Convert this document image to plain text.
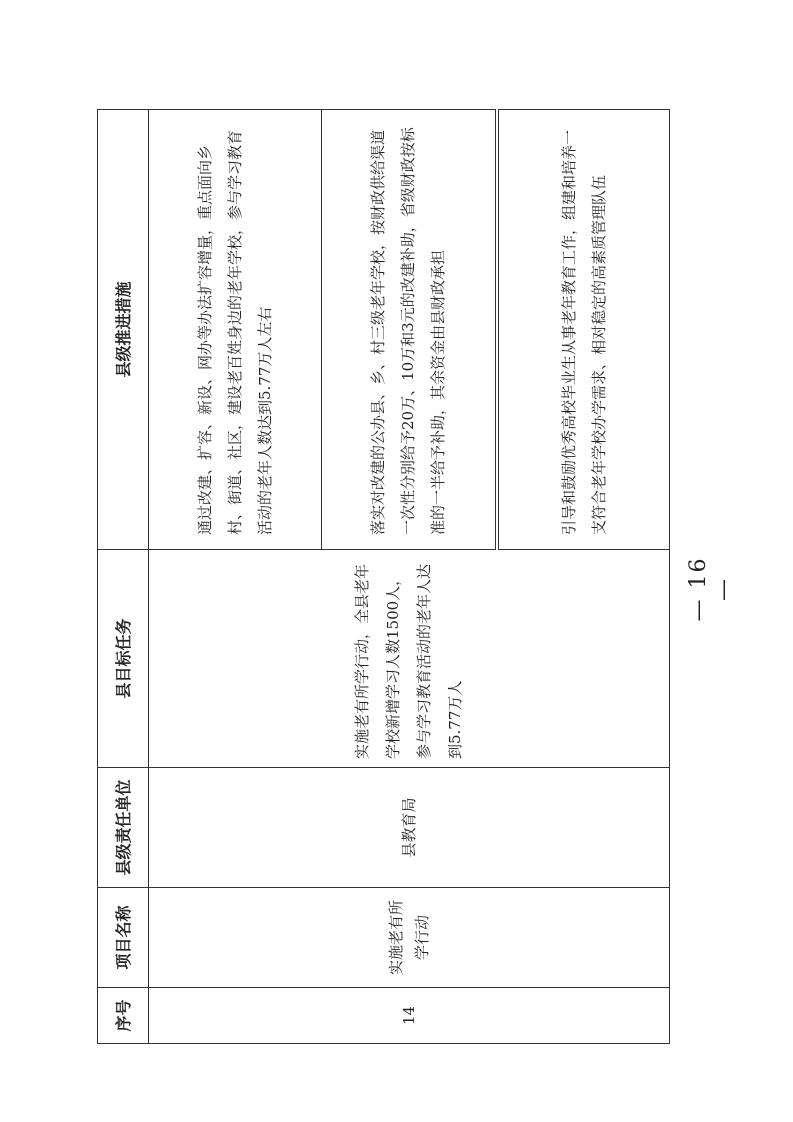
序号	项目名称	县级责任单位	县目标任务	县级推进措施
14	实施老有所学行动	县教育局	实施老有所学行动，全县老年学校新增学习人数1500人，参与学习教育活动的老年人达到5.77万人	通过改建、扩容、新设、网办等办法扩容增量，重点面向乡村、街道、社区，建设老百姓身边的老年学校，参与学习教育活动的老年人数达到5.77万人左右
				落实对改建的公办县、乡、村三级老年学校，按财政供给渠道一次性分别给予20万、10万和3元的改建补助，省级财政按标准的一半给予补助，其余资金由县财政承担
				引导和鼓励优秀高校毕业生从事老年教育工作，组建和培养一支符合老年学校办学需求、相对稳定的高素质管理队伍
— 16 —
